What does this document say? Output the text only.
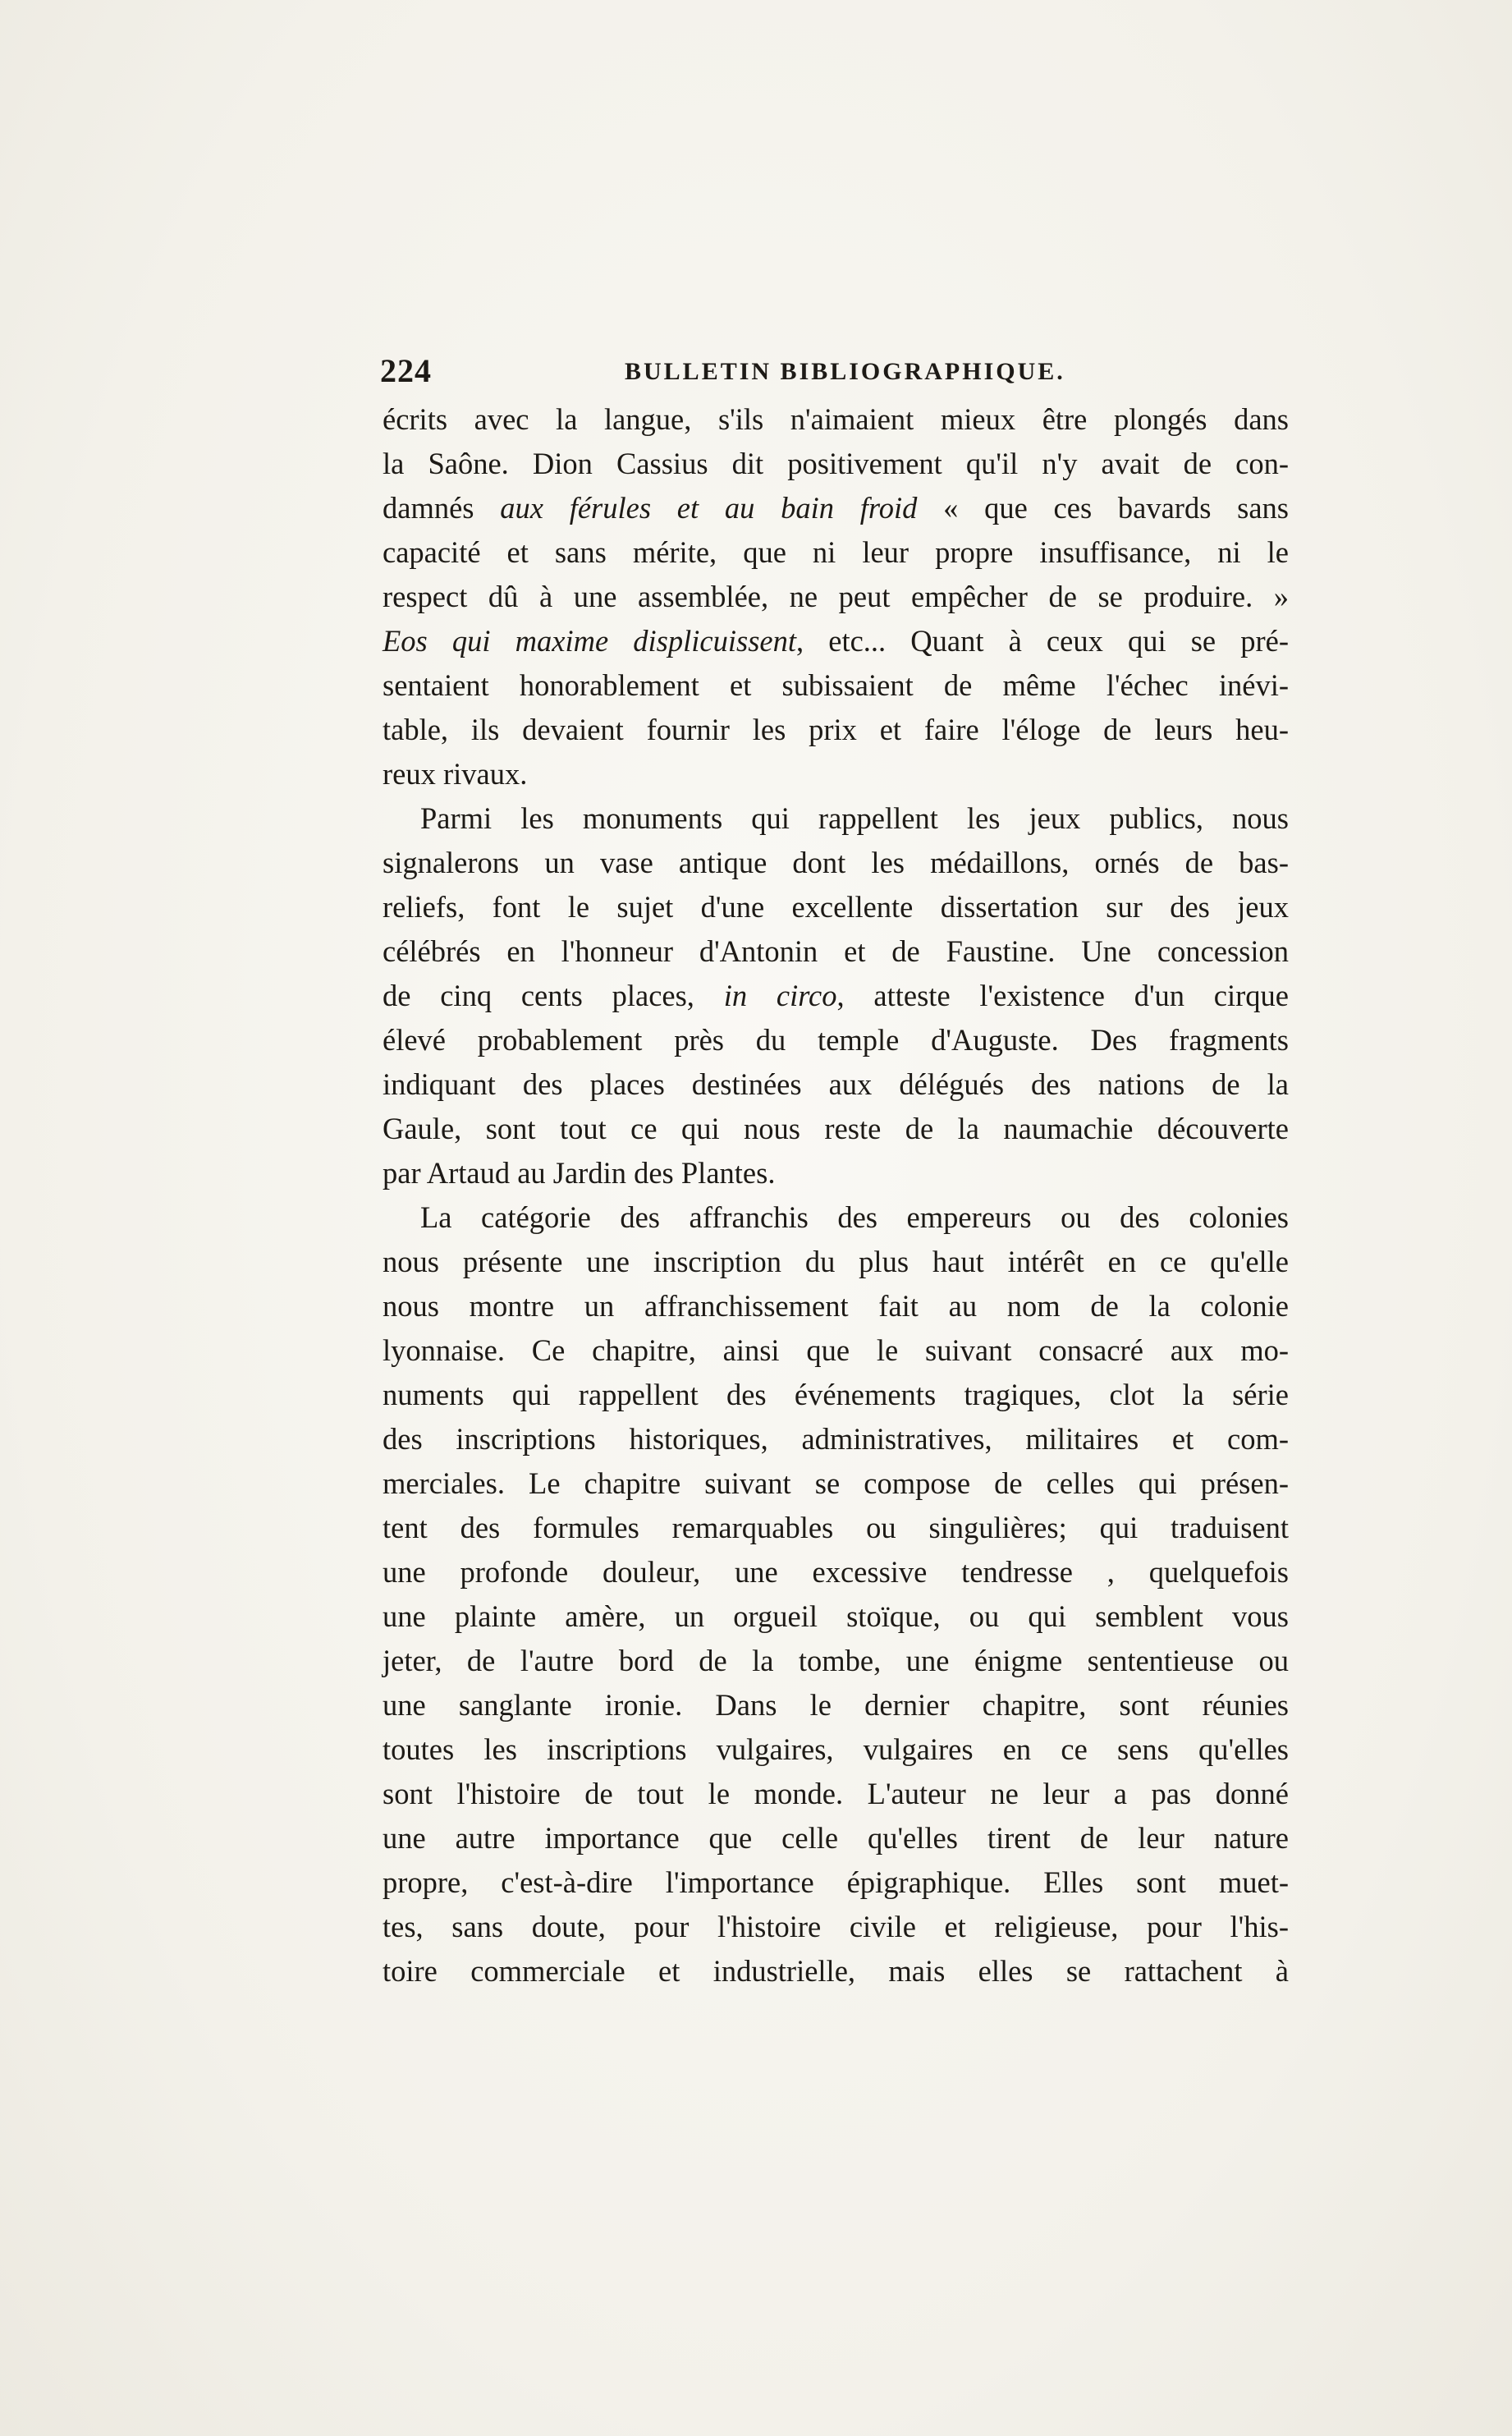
224	BULLETIN BIBLIOGRAPHIQUE.
écrits avec la langue, s'ils n'aimaient mieux être plongés dans
la Saône. Dion Cassius dit positivement qu'il n'y avait de con-
damnés aux férules et au bain froid « que ces bavards sans
capacité et sans mérite, que ni leur propre insuffisance, ni le
respect dû à une assemblée, ne peut empêcher de se produire. »
Eos qui maxime displicuissent, etc... Quant à ceux qui se pré-
sentaient honorablement et subissaient de même l'échec inévi-
table, ils devaient fournir les prix et faire l'éloge de leurs heu-
reux rivaux.
Parmi les monuments qui rappellent les jeux publics, nous
signalerons un vase antique dont les médaillons, ornés de bas-
reliefs, font le sujet d'une excellente dissertation sur des jeux
célébrés en l'honneur d'Antonin et de Faustine. Une concession
de cinq cents places, in circo, atteste l'existence d'un cirque
élevé probablement près du temple d'Auguste. Des fragments
indiquant des places destinées aux délégués des nations de la
Gaule, sont tout ce qui nous reste de la naumachie découverte
par Artaud au Jardin des Plantes.
La catégorie des affranchis des empereurs ou des colonies
nous présente une inscription du plus haut intérêt en ce qu'elle
nous montre un affranchissement fait au nom de la colonie
lyonnaise. Ce chapitre, ainsi que le suivant consacré aux mo-
numents qui rappellent des événements tragiques, clot la série
des inscriptions historiques, administratives, militaires et com-
merciales. Le chapitre suivant se compose de celles qui présen-
tent des formules remarquables ou singulières; qui traduisent
une profonde douleur, une excessive tendresse , quelquefois
une plainte amère, un orgueil stoïque, ou qui semblent vous
jeter, de l'autre bord de la tombe, une énigme sententieuse ou
une sanglante ironie. Dans le dernier chapitre, sont réunies
toutes les inscriptions vulgaires, vulgaires en ce sens qu'elles
sont l'histoire de tout le monde. L'auteur ne leur a pas donné
une autre importance que celle qu'elles tirent de leur nature
propre, c'est-à-dire l'importance épigraphique. Elles sont muet-
tes, sans doute, pour l'histoire civile et religieuse, pour l'his-
toire commerciale et industrielle, mais elles se rattachent à
